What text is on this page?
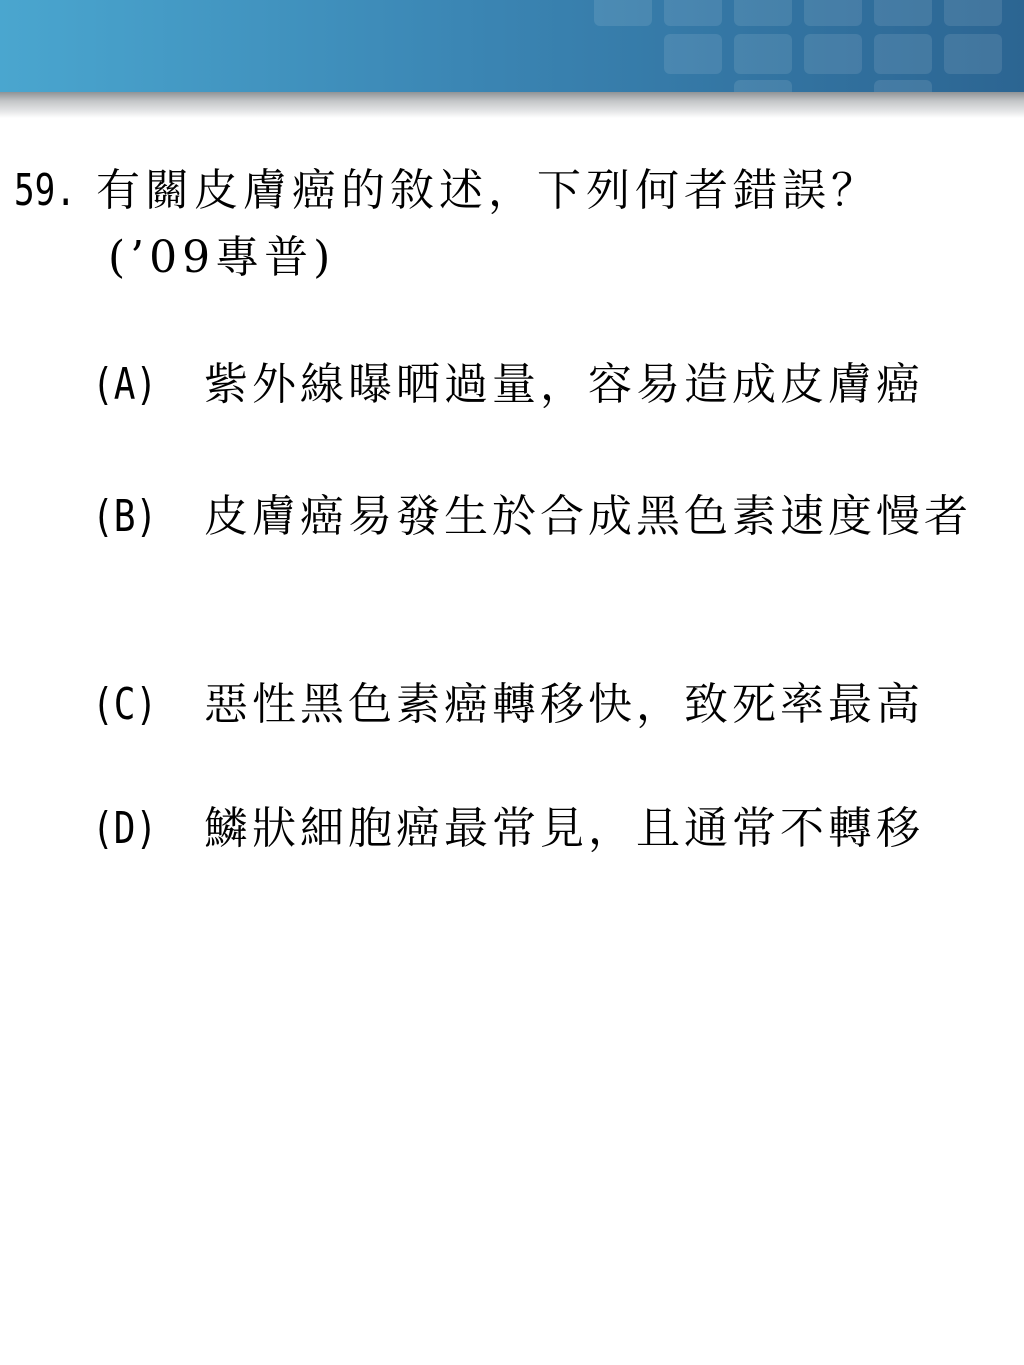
59. 有關皮膚癌的敘述，下列何者錯誤？
(’09專普)
(A) 紫外線曝晒過量，容易造成皮膚癌
(B) 皮膚癌易發生於合成黑色素速度慢者
(C) 惡性黑色素癌轉移快，致死率最高
(D) 鱗狀細胞癌最常見，且通常不轉移
